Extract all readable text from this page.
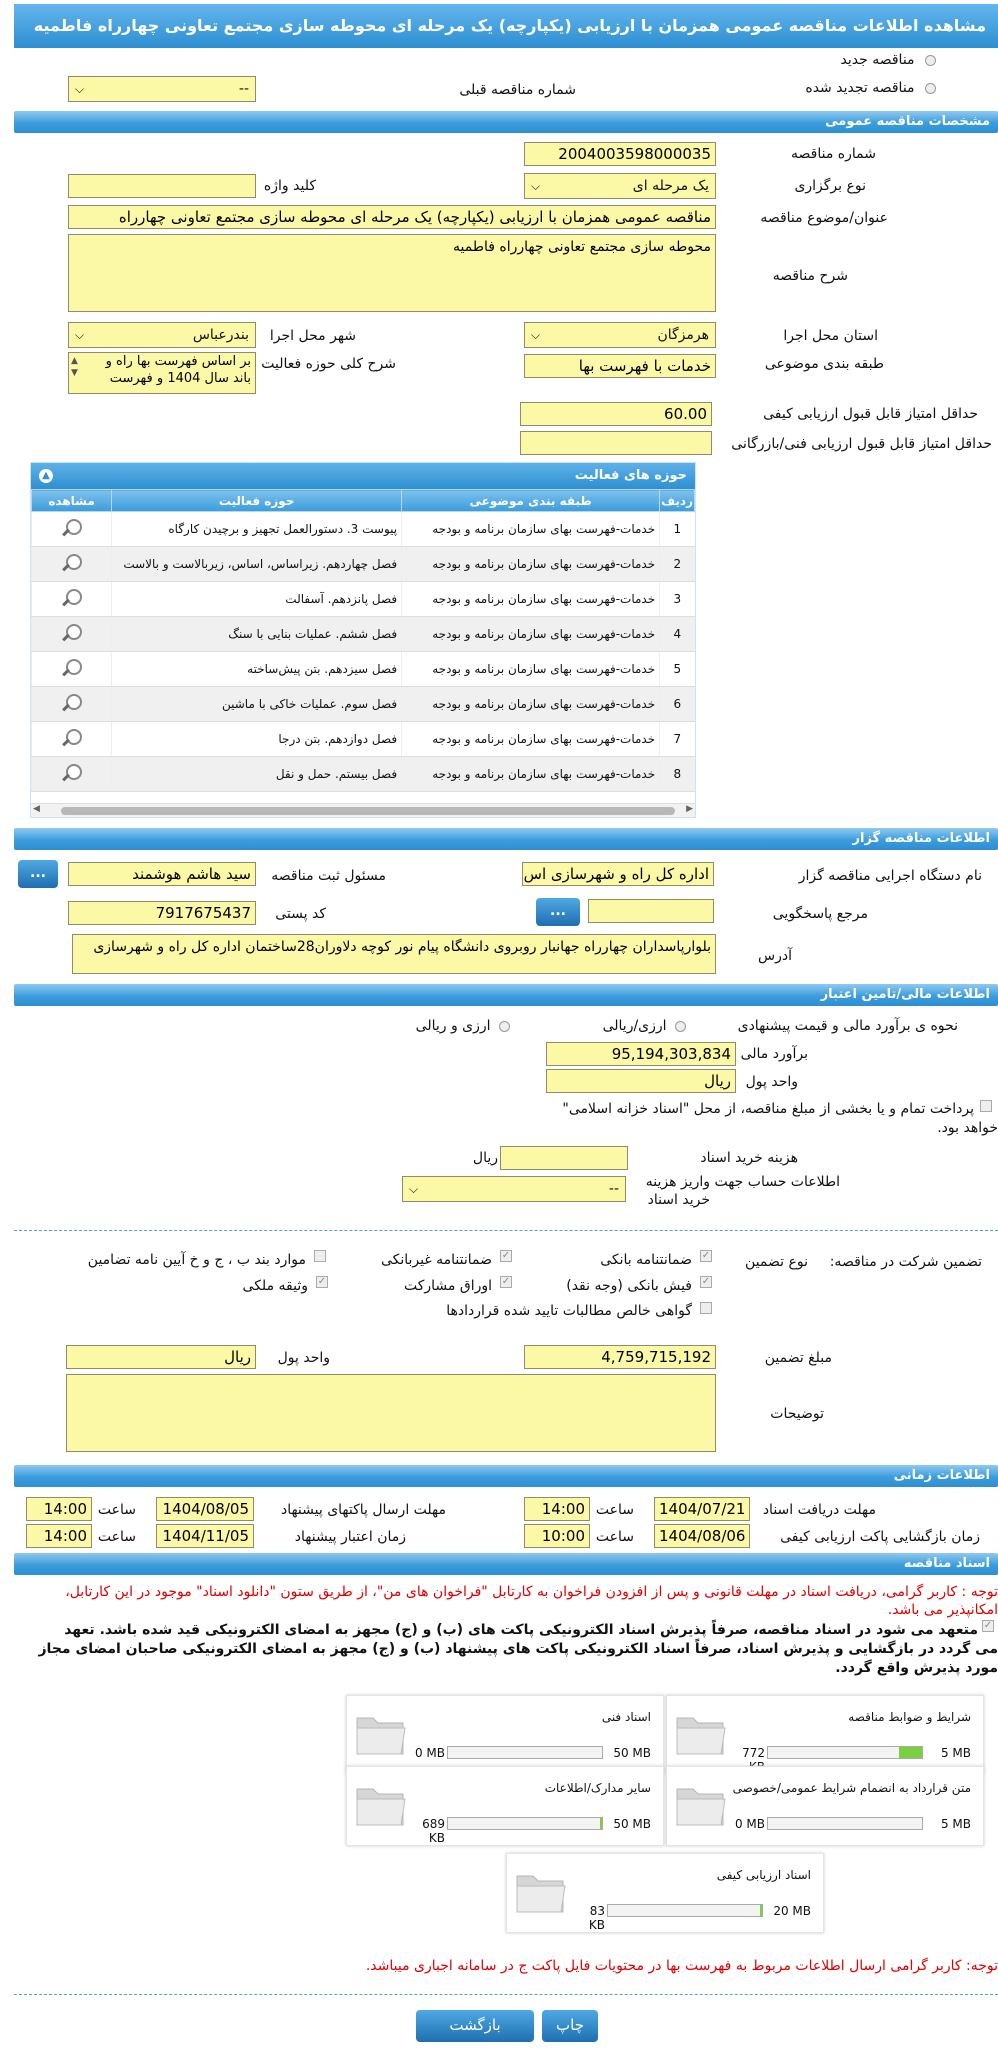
مشاهده اطلاعات مناقصه عمومی همزمان با ارزیابی (یکپارچه) یک مرحله ای محوطه سازی مجتمع تعاونی چهارراه فاطمیه
مناقصه جدید
مناقصه تجدید شده
شماره مناقصه قبلی
--
⌵
مشخصات مناقصه عمومی
شماره مناقصه
2004003598000035
نوع برگزاری
یک مرحله ای
⌵
کلید واژه
عنوان/موضوع مناقصه
مناقصه عمومی همزمان با ارزیابی (یکپارچه) یک مرحله ای محوطه سازی مجتمع تعاونی چهارراه
شرح مناقصه
محوطه سازی مجتمع تعاونی چهارراه فاطمیه
استان محل اجرا
هرمزگان
⌵
شهر محل اجرا
بندرعباس
⌵
طبقه بندی موضوعی
خدمات با فهرست بها
شرح کلی حوزه فعالیت
بر اساس فهرست بها راه و
باند سال 1404 و فهرست
▲
▼
حداقل امتیاز قابل قبول ارزیابی کیفی
60.00
حداقل امتیاز قابل قبول ارزیابی فنی/بازرگانی
حوزه های فعالیت
▲
ردیف	طبقه بندی موضوعی	حوزه فعالیت	مشاهده
1	خدمات-فهرست بهای سازمان برنامه و بودجه	پیوست 3. دستورالعمل تجهیز و برچیدن کارگاه	
2	خدمات-فهرست بهای سازمان برنامه و بودجه	فصل چهاردهم. زیراساس، اساس، زیربالاست و بالاست	
3	خدمات-فهرست بهای سازمان برنامه و بودجه	فصل پانزدهم. آسفالت	
4	خدمات-فهرست بهای سازمان برنامه و بودجه	فصل ششم. عملیات بنایی با سنگ	
5	خدمات-فهرست بهای سازمان برنامه و بودجه	فصل سیزدهم. بتن پیش‌ساخته	
6	خدمات-فهرست بهای سازمان برنامه و بودجه	فصل سوم. عملیات خاکی با ماشین	
7	خدمات-فهرست بهای سازمان برنامه و بودجه	فصل دوازدهم. بتن درجا	
8	خدمات-فهرست بهای سازمان برنامه و بودجه	فصل بیستم. حمل و نقل	
▶
◀
اطلاعات مناقصه گزار
نام دستگاه اجرایی مناقصه گزار
اداره کل راه و شهرسازی اس
مسئول ثبت مناقصه
سید هاشم هوشمند
...
مرجع پاسخگویی
...
کد پستی
7917675437
آدرس
بلوارپاسداران چهارراه جهانبار روبروی دانشگاه پیام نور کوچه دلاوران28ساختمان اداره کل راه و شهرسازی
اطلاعات مالی/تامین اعتبار
نحوه ی برآورد مالی و قیمت پیشنهادی
ارزی/ریالی
ارزی و ریالی
برآورد مالی
95,194,303,834
واحد پول
ریال
پرداخت تمام و یا بخشی از مبلغ مناقصه، از محل "اسناد خزانه اسلامی"
خواهد بود.
هزینه خرید اسناد
ریال
اطلاعات حساب جهت واریز هزینه
خرید اسناد
--
⌵
تضمین شرکت در مناقصه:
نوع تضمین
✓
ضمانتنامه بانکی
✓
ضمانتنامه غیربانکی
موارد بند ب ، ج و خ آیین نامه تضامین
✓
فیش بانکی (وجه نقد)
✓
اوراق مشارکت
✓
وثیقه ملکی
گواهی خالص مطالبات تایید شده قراردادها
مبلغ تضمین
4,759,715,192
واحد پول
ریال
توضیحات
اطلاعات زمانی
مهلت دریافت اسناد
1404/07/21
ساعت
14:00
مهلت ارسال پاکتهای پیشنهاد
1404/08/05
ساعت
14:00
زمان بازگشایی پاکت ارزیابی کیفی
1404/08/06
ساعت
10:00
زمان اعتبار پیشنهاد
1404/11/05
ساعت
14:00
اسناد مناقصه
توجه : کاربر گرامی، دریافت اسناد در مهلت قانونی و پس از افزودن فراخوان به کارتابل "فراخوان های من"، از طریق ستون "دانلود اسناد" موجود در این کارتابل،
امکانپذیر می باشد.
✓
متعهد می شود در اسناد مناقصه، صرفاً پذیرش اسناد الکترونیکی پاکت های (ب) و (ج) مجهز به امضای الکترونیکی قید شده باشد. تعهد
می گردد در بازگشایی و پذیرش اسناد، صرفاً اسناد الکترونیکی پاکت های پیشنهاد (ب) و (ج) مجهز به امضای الکترونیکی صاحبان امضای مجاز
مورد پذیرش واقع گردد.
شرایط و ضوابط مناقصه
5 MB
772
اسناد فنی
50 MB
0 MB
متن قرارداد به انضمام شرایط عمومی/خصوصی
5 MB
0 MB
سایر مدارک/اطلاعات
50 MB
689 KB
اسناد ارزیابی کیفی
20 MB
83 KB
توجه: کاربر گرامی ارسال اطلاعات مربوط به فهرست بها در محتویات فایل پاکت ج در سامانه اجباری میباشد.
چاپ
بازگشت
